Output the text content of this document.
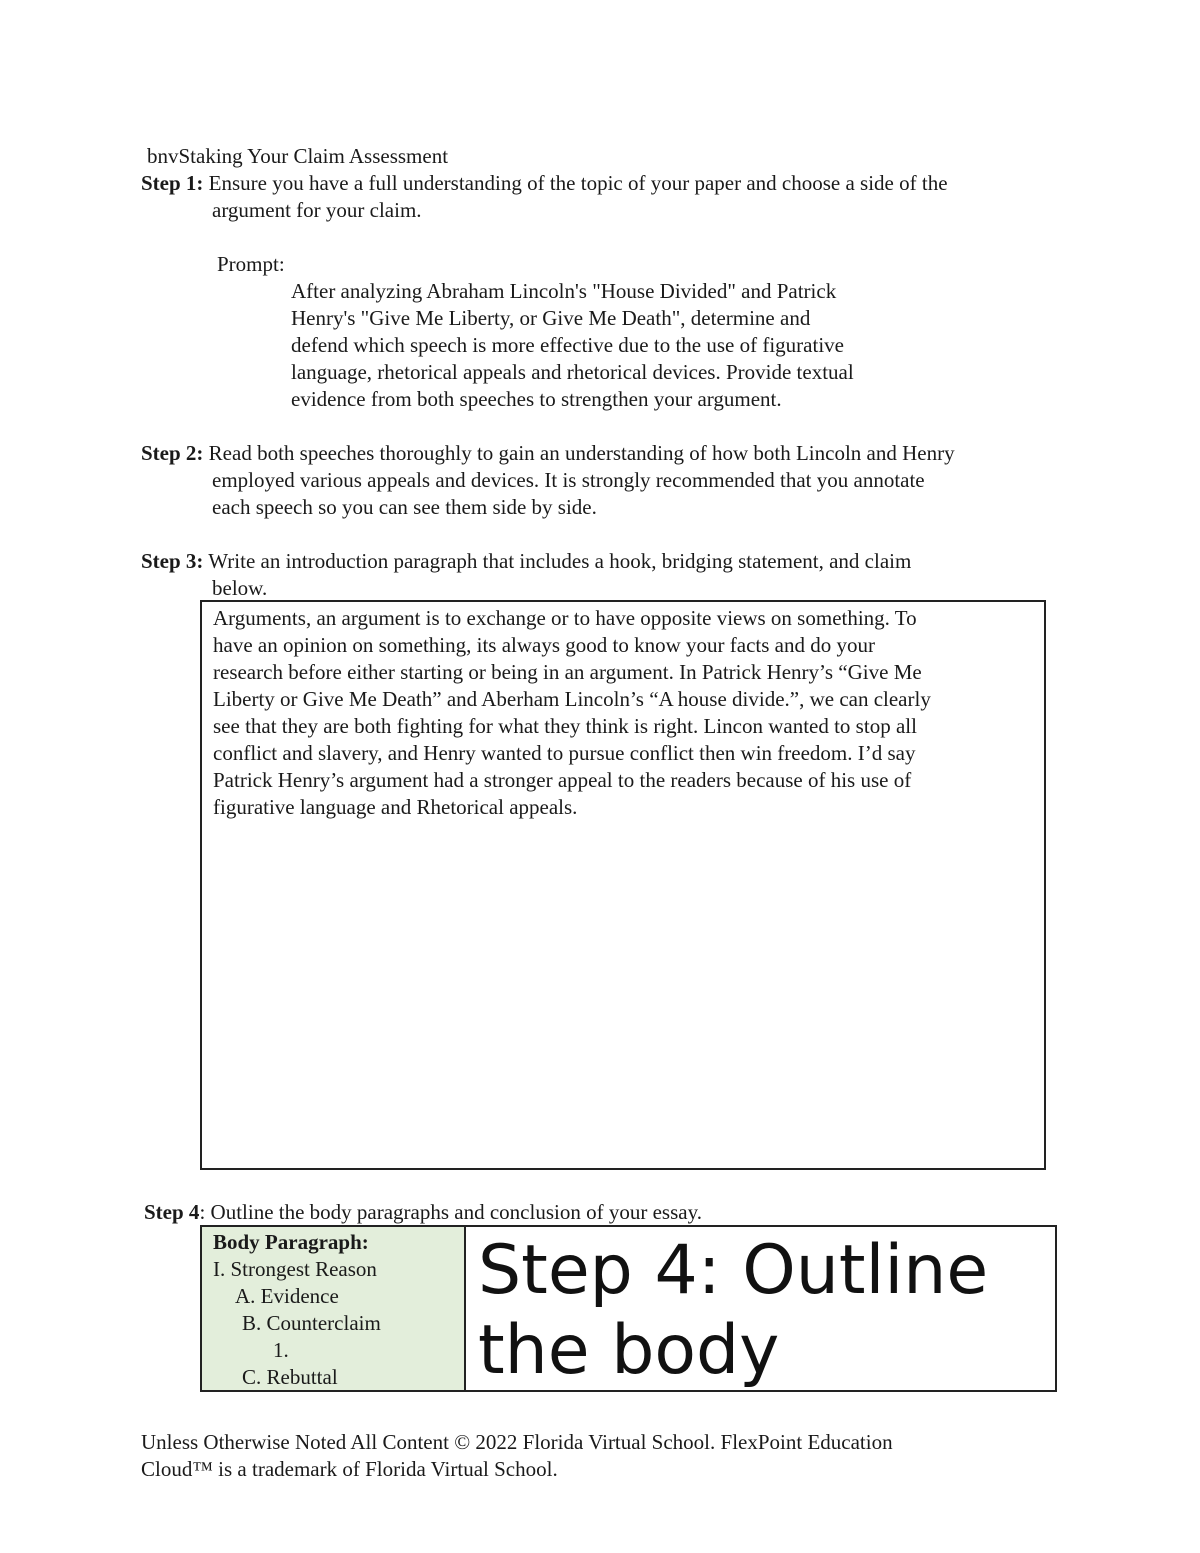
bnvStaking Your Claim Assessment
Step 1: Ensure you have a full understanding of the topic of your paper and choose a side of the
argument for your claim.
Prompt:
After analyzing Abraham Lincoln's "House Divided" and Patrick
Henry's "Give Me Liberty, or Give Me Death", determine and
defend which speech is more effective due to the use of figurative
language, rhetorical appeals and rhetorical devices. Provide textual
evidence from both speeches to strengthen your argument.
Step 2: Read both speeches thoroughly to gain an understanding of how both Lincoln and Henry
employed various appeals and devices. It is strongly recommended that you annotate
each speech so you can see them side by side.
Step 3: Write an introduction paragraph that includes a hook, bridging statement, and claim
below.
Arguments, an argument is to exchange or to have opposite views on something. To
have an opinion on something, its always good to know your facts and do your
research before either starting or being in an argument. In Patrick Henry’s “Give Me
Liberty or Give Me Death” and Aberham Lincoln’s “A house divide.”, we can clearly
see that they are both fighting for what they think is right. Lincon wanted to stop all
conflict and slavery, and Henry wanted to pursue conflict then win freedom. I’d say
Patrick Henry’s argument had a stronger appeal to the readers because of his use of
figurative language and Rhetorical appeals.
Step 4: Outline the body paragraphs and conclusion of your essay.
Body Paragraph:
I. Strongest Reason
A. Evidence
B. Counterclaim
1.
C. Rebuttal
Step 4: Outline
the body
Unless Otherwise Noted All Content © 2022 Florida Virtual School. FlexPoint Education
Cloud™ is a trademark of Florida Virtual School.
